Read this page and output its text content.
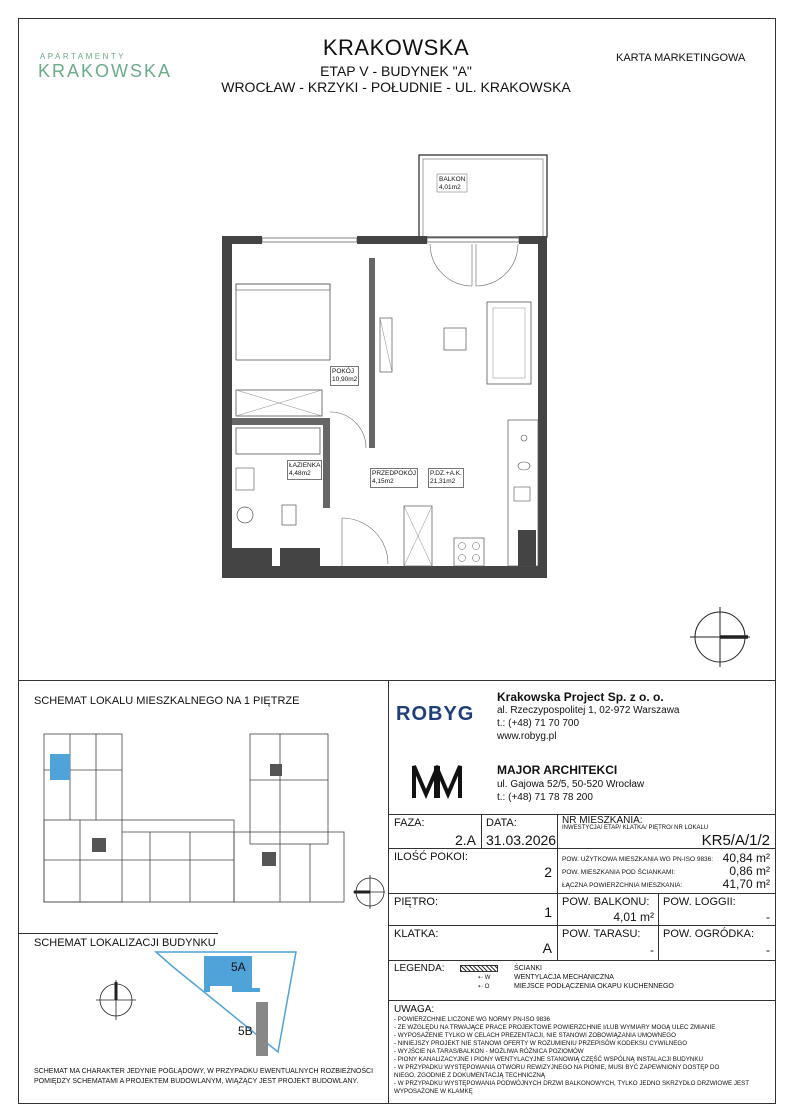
APARTAMENTY
KRAKOWSKA
KRAKOWSKA
ETAP V - BUDYNEK "A"
WROCŁAW - KRZYKI - POŁUDNIE - UL. KRAKOWSKA
KARTA MARKETINGOWA
BALKON
4,01m2
POKÓJ
10,90m2
ŁAZIENKA
4,48m2	PRZEDPOKÓJ
4,15m2
P.DZ.+A.K.
21,31m2
SCHEMAT LOKALU MIESZKALNEGO NA 1 PIĘTRZE
SCHEMAT LOKALIZACJI BUDYNKU
5A
5B
SCHEMAT MA CHARAKTER JEDYNIE POGLĄDOWY, W PRZYPADKU EWENTUALNYCH ROZBIEŻNOŚCI
POMIĘDZY SCHEMATAMI A PROJEKTEM BUDOWLANYM, WIĄŻĄCY JEST PROJEKT BUDOWLANY.
ROBYG
Krakowska Project Sp. z o. o.
al. Rzeczypospolitej 1, 02-972 Warszawa
t.: (+48) 71 70 700
www.robyg.pl
MAJOR ARCHITEKCI
ul. Gajowa 52/5, 50-520 Wrocław
t.: (+48) 71 78 78 200
FAZA:
2.A
DATA:
31.03.2026
NR MIESZKANIA:
INWESTYCJA/ ETAP/ KLATKA/ PIĘTRO/ NR LOKALU
KR5/A/1/2
ILOŚĆ POKOI:
2
POW. UŻYTKOWA MIESZKANIA WG PN-ISO 9836: 40,84 m²
POW. MIESZKANIA POD ŚCIANKAMI:	0,86 m²
ŁĄCZNA POWIERZCHNIA MIESZKANIA:	41,70 m²
PIĘTRO:
1
POW. BALKONU:
4,01 m²
POW. LOGGII:
-
KLATKA:
A
POW. TARASU:
-
POW. OGRÓDKA:
-
LEGENDA:
⇠ W
⇠ O
ŚCIANKI
WENTYLACJA MECHANICZNA
MIEJSCE PODŁĄCZENIA OKAPU KUCHENNEGO
UWAGA:
- POWIERZCHNIE LICZONE WG NORMY PN-ISO 9836
- ZE WZGLĘDU NA TRWAJĄCE PRACE PROJEKTOWE POWIERZCHNIE I/LUB WYMIARY MOGĄ ULEC ZMIANIE
- WYPOSAŻENIE TYLKO W CELACH PREZENTACJI, NIE STANOWI ZOBOWIĄZANIA UMOWNEGO
- NINIEJSZY PROJEKT NIE STANOWI OFERTY W ROZUMIENIU PRZEPISÓW KODEKSU CYWILNEGO
- WYJŚCIE NA TARAS/BALKON - MOŻLIWA RÓŻNICA POZIOMÓW
- PIONY KANALIZACYJNE I PIONY WENTYLACYJNE STANOWIĄ CZĘŚĆ WSPÓLNĄ INSTALACJI BUDYNKU
- W PRZYPADKU WYSTĘPOWANIA OTWORU REWIZYJNEGO NA PIONIE, MUSI BYĆ ZAPEWNIONY DOSTĘP DO
NIEGO, ZGODNIE Z DOKUMENTACJĄ TECHNICZNĄ
- W PRZYPADKU WYSTĘPOWANIA PODWÓJNYCH DRZWI BALKONOWYCH, TYLKO JEDNO SKRZYDŁO DRZWIOWE JEST
WYPOSAŻONE W KLAMKĘ
